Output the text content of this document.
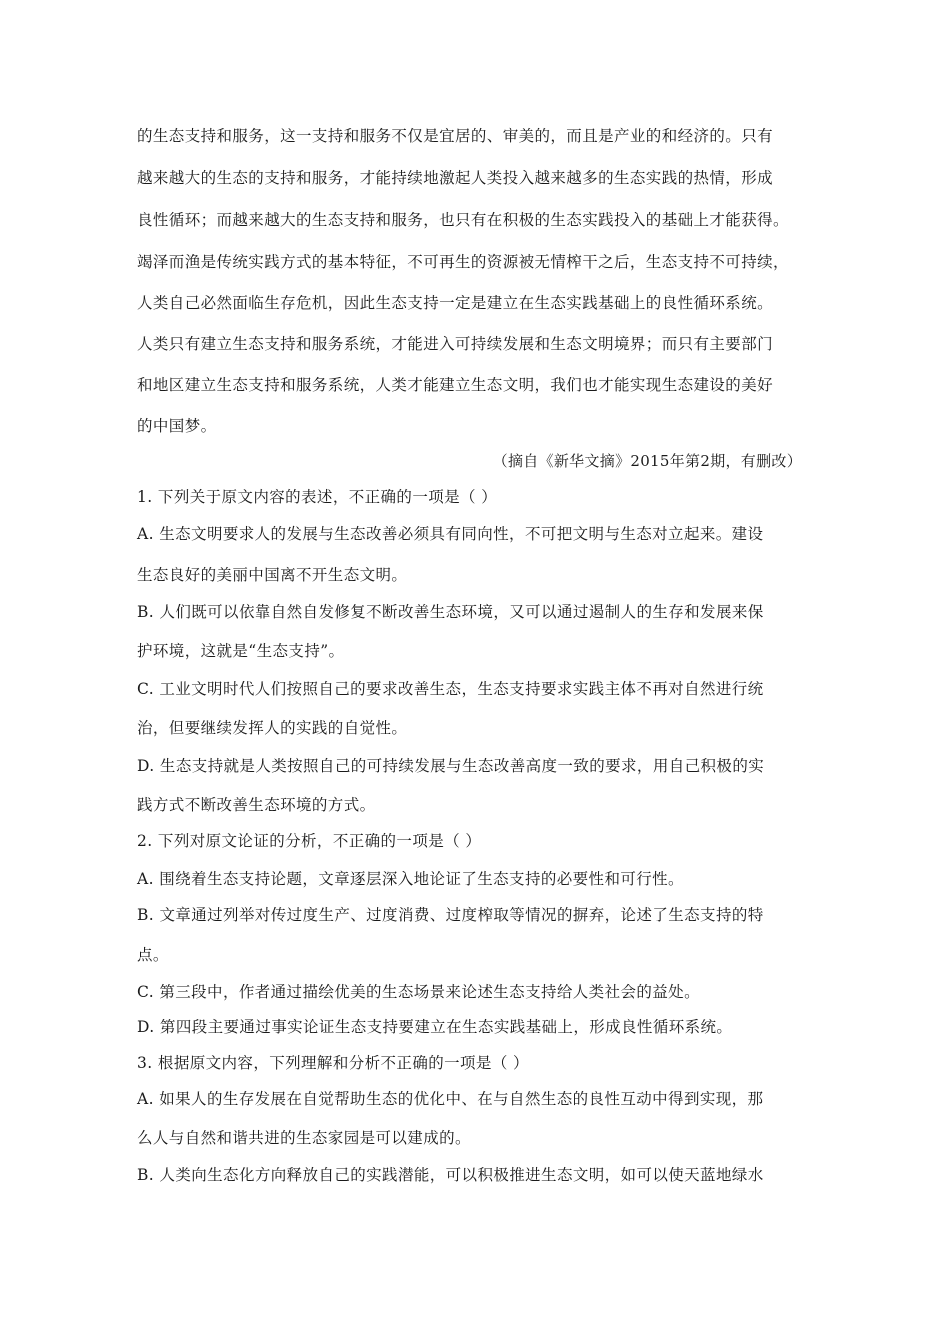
的生态支持和服务，这一支持和服务不仅是宜居的、审美的，而且是产业的和经济的。只有
越来越大的生态的支持和服务，才能持续地激起人类投入越来越多的生态实践的热情，形成
良性循环；而越来越大的生态支持和服务，也只有在积极的生态实践投入的基础上才能获得。
竭泽而渔是传统实践方式的基本特征，不可再生的资源被无情榨干之后，生态支持不可持续，
人类自己必然面临生存危机，因此生态支持一定是建立在生态实践基础上的良性循环系统。
人类只有建立生态支持和服务系统，才能进入可持续发展和生态文明境界；而只有主要部门
和地区建立生态支持和服务系统，人类才能建立生态文明，我们也才能实现生态建设的美好
的中国梦。
（摘自《新华文摘》2015年第2期，有删改）
1. 下列关于原文内容的表述，不正确的一项是（ ）
A. 生态文明要求人的发展与生态改善必须具有同向性，不可把文明与生态对立起来。建设
生态良好的美丽中国离不开生态文明。
B. 人们既可以依靠自然自发修复不断改善生态环境，又可以通过遏制人的生存和发展来保
护环境，这就是“生态支持”。
C. 工业文明时代人们按照自己的要求改善生态，生态支持要求实践主体不再对自然进行统
治，但要继续发挥人的实践的自觉性。
D. 生态支持就是人类按照自己的可持续发展与生态改善高度一致的要求，用自己积极的实
践方式不断改善生态环境的方式。
2. 下列对原文论证的分析，不正确的一项是（ ）
A. 围绕着生态支持论题，文章逐层深入地论证了生态支持的必要性和可行性。
B. 文章通过列举对传过度生产、过度消费、过度榨取等情况的摒弃，论述了生态支持的特
点。
C. 第三段中，作者通过描绘优美的生态场景来论述生态支持给人类社会的益处。
D. 第四段主要通过事实论证生态支持要建立在生态实践基础上，形成良性循环系统。
3. 根据原文内容，下列理解和分析不正确的一项是（ ）
A. 如果人的生存发展在自觉帮助生态的优化中、在与自然生态的良性互动中得到实现，那
么人与自然和谐共进的生态家园是可以建成的。
B. 人类向生态化方向释放自己的实践潜能，可以积极推进生态文明，如可以使天蓝地绿水
